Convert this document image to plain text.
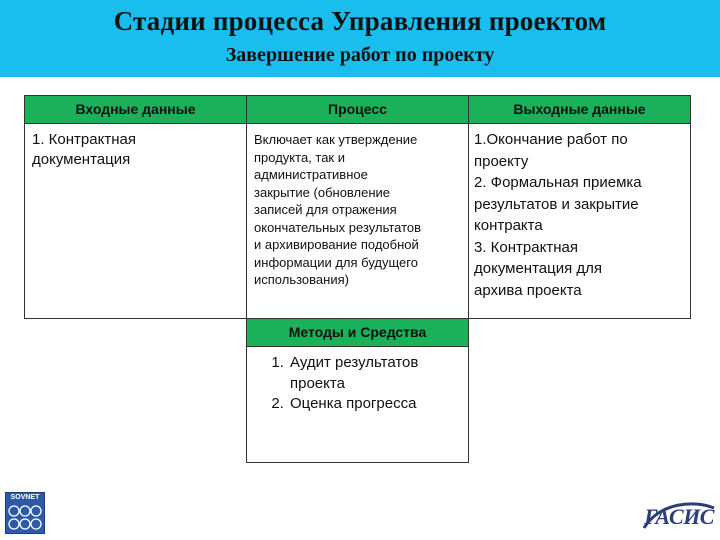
Стадии процесса Управления проектом
Завершение работ по проекту
Входные данные	Процесс	Выходные данные
1. Контрактная
документация
Включает как утверждение
продукта, так и
административное
закрытие (обновление
записей для отражения
окончательных результатов
и архивирование подобной
информации для будущего
использования)
1.Окончание работ по
проекту
2. Формальная приемка
результатов и закрытие
контракта
3. Контрактная
документация для
архива проекта
Методы и Средства
1. Аудит результатов проекта
2. Оценка прогресса
SOVNET
ГАСИС
